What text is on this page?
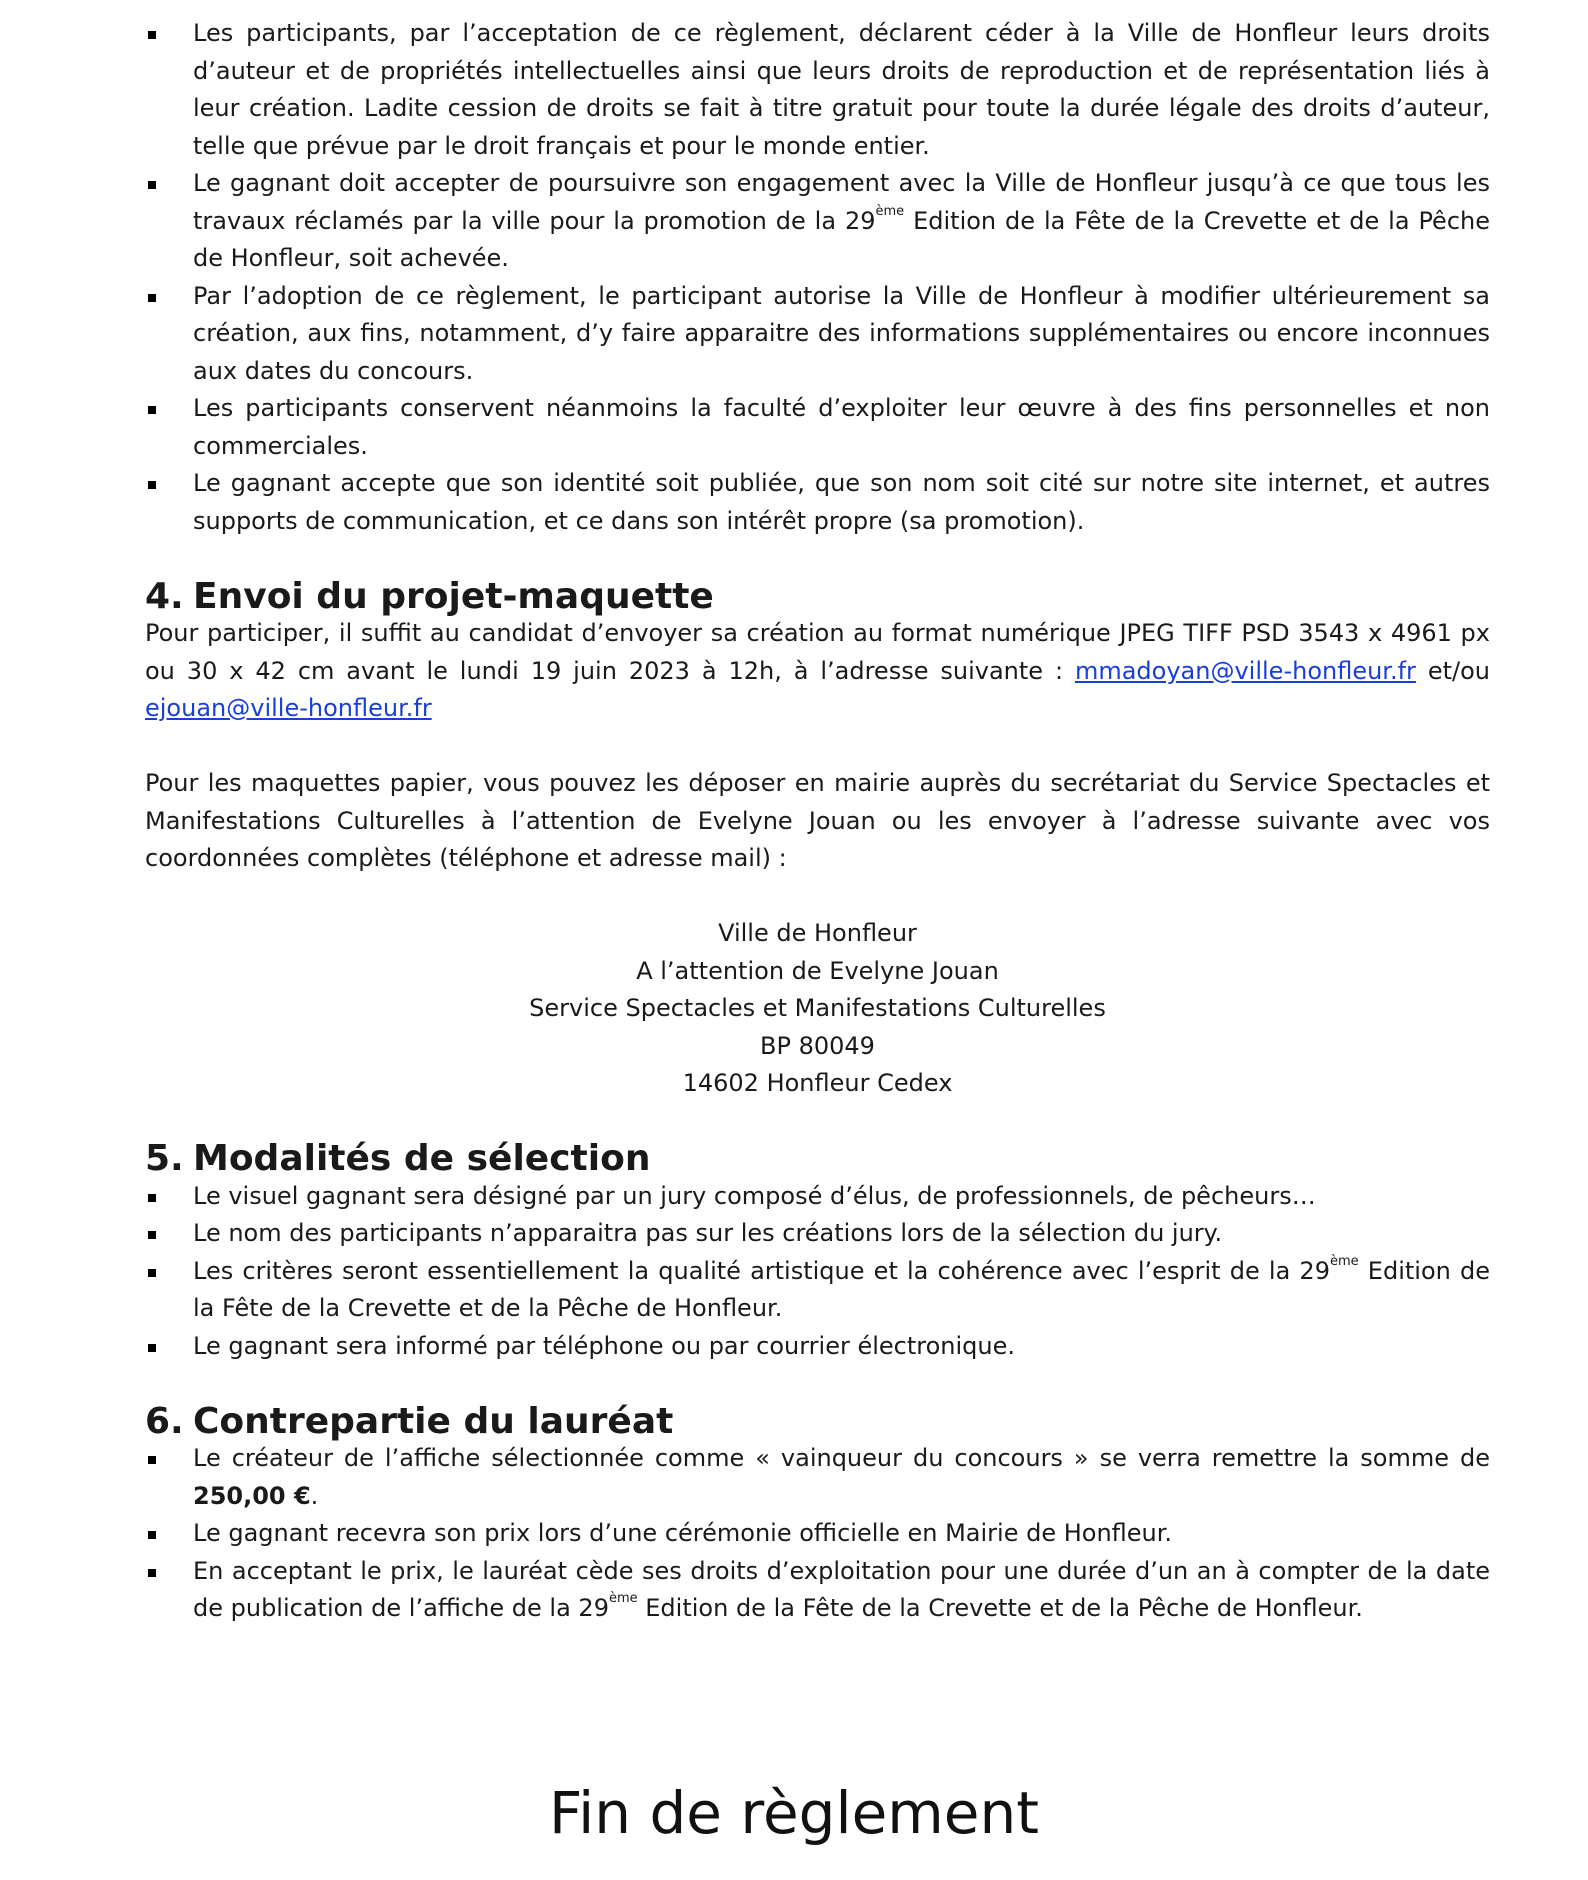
Les participants, par l’acceptation de ce règlement, déclarent céder à la Ville de Honfleur leurs droits d’auteur et de propriétés intellectuelles ainsi que leurs droits de reproduction et de représentation liés à leur création. Ladite cession de droits se fait à titre gratuit pour toute la durée légale des droits d’auteur, telle que prévue par le droit français et pour le monde entier.
Le gagnant doit accepter de poursuivre son engagement avec la Ville de Honfleur jusqu’à ce que tous les travaux réclamés par la ville pour la promotion de la 29ème Edition de la Fête de la Crevette et de la Pêche de Honfleur, soit achevée.
Par l’adoption de ce règlement, le participant autorise la Ville de Honfleur à modifier ultérieurement sa création, aux fins, notamment, d’y faire apparaitre des informations supplémentaires ou encore inconnues aux dates du concours.
Les participants conservent néanmoins la faculté d’exploiter leur œuvre à des fins personnelles et non commerciales.
Le gagnant accepte que son identité soit publiée, que son nom soit cité sur notre site internet, et autres supports de communication, et ce dans son intérêt propre (sa promotion).
4. Envoi du projet-maquette

Pour participer, il suffit au candidat d’envoyer sa création au format numérique JPEG TIFF PSD 3543 x 4961 px ou 30 x 42 cm avant le lundi 19 juin 2023 à 12h, à l’adresse suivante : mmadoyan@ville-honfleur.fr et/ou ejouan@ville-honfleur.fr

Pour les maquettes papier, vous pouvez les déposer en mairie auprès du secrétariat du Service Spectacles et Manifestations Culturelles à l’attention de Evelyne Jouan ou les envoyer à l’adresse suivante avec vos coordonnées complètes (téléphone et adresse mail) :

Ville de Honfleur
A l’attention de Evelyne Jouan
Service Spectacles et Manifestations Culturelles
BP 80049
14602 Honfleur Cedex
5. Modalités de sélection
Le visuel gagnant sera désigné par un jury composé d’élus, de professionnels, de pêcheurs…
Le nom des participants n’apparaitra pas sur les créations lors de la sélection du jury.
Les critères seront essentiellement la qualité artistique et la cohérence avec l’esprit de la 29ème Edition de la Fête de la Crevette et de la Pêche de Honfleur.
Le gagnant sera informé par téléphone ou par courrier électronique.
6. Contrepartie du lauréat
Le créateur de l’affiche sélectionnée comme « vainqueur du concours » se verra remettre la somme de 250,00 €.
Le gagnant recevra son prix lors d’une cérémonie officielle en Mairie de Honfleur.
En acceptant le prix, le lauréat cède ses droits d’exploitation pour une durée d’un an à compter de la date de publication de l’affiche de la 29ème Edition de la Fête de la Crevette et de la Pêche de Honfleur.
Fin de règlement
